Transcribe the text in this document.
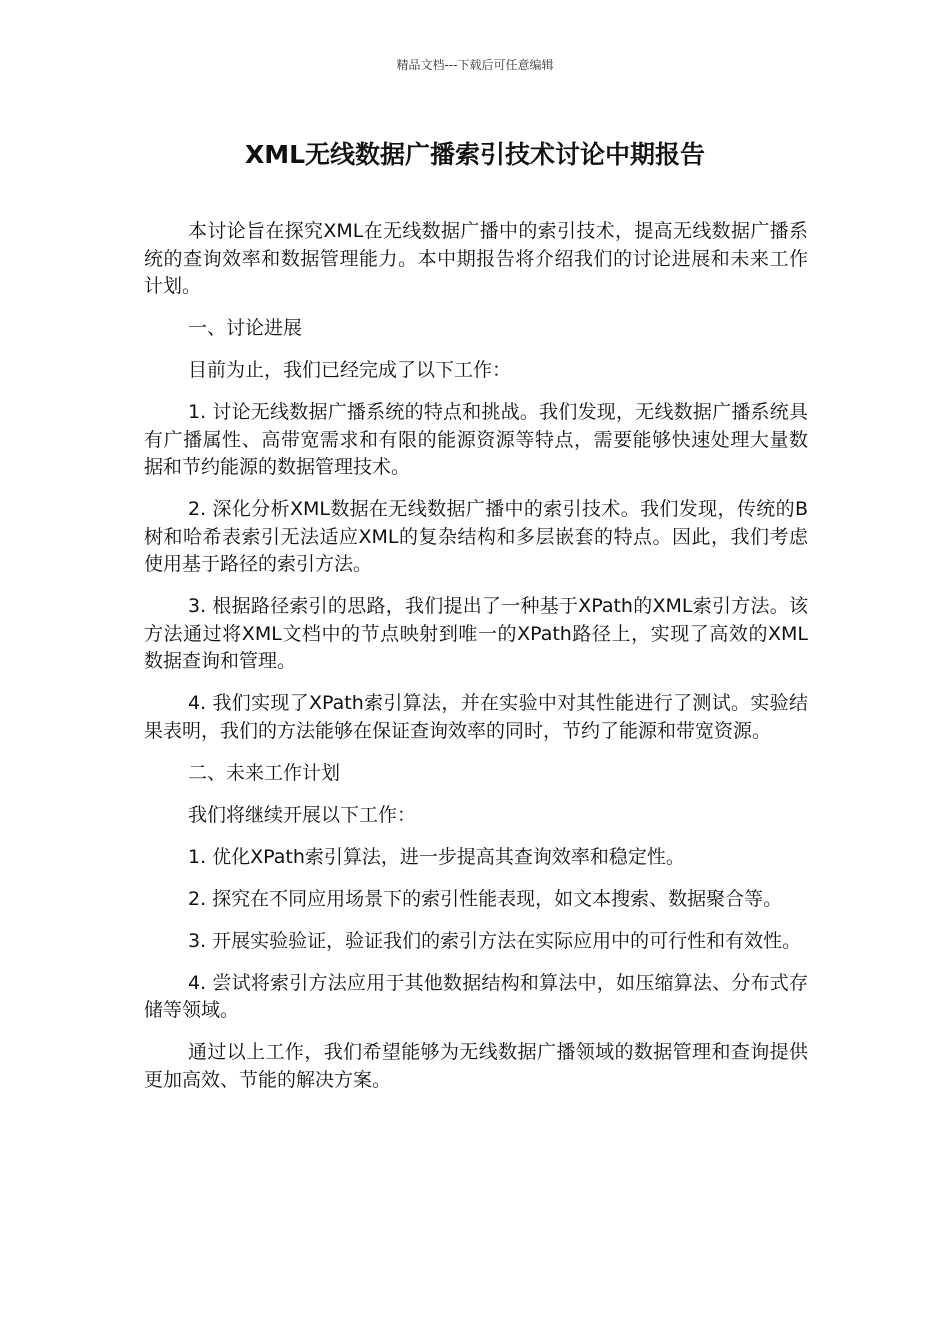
精品文档---下载后可任意编辑
XML无线数据广播索引技术讨论中期报告

本讨论旨在探究XML在无线数据广播中的索引技术，提高无线数据广播系统的查询效率和数据管理能力。本中期报告将介绍我们的讨论进展和未来工作计划。

一、讨论进展

目前为止，我们已经完成了以下工作：

1. 讨论无线数据广播系统的特点和挑战。我们发现，无线数据广播系统具有广播属性、高带宽需求和有限的能源资源等特点，需要能够快速处理大量数据和节约能源的数据管理技术。

2. 深化分析XML数据在无线数据广播中的索引技术。我们发现，传统的B树和哈希表索引无法适应XML的复杂结构和多层嵌套的特点。因此，我们考虑使用基于路径的索引方法。

3. 根据路径索引的思路，我们提出了一种基于XPath的XML索引方法。该方法通过将XML文档中的节点映射到唯一的XPath路径上，实现了高效的XML数据查询和管理。

4. 我们实现了XPath索引算法，并在实验中对其性能进行了测试。实验结果表明，我们的方法能够在保证查询效率的同时，节约了能源和带宽资源。

二、未来工作计划

我们将继续开展以下工作：

1. 优化XPath索引算法，进一步提高其查询效率和稳定性。

2. 探究在不同应用场景下的索引性能表现，如文本搜索、数据聚合等。

3. 开展实验验证，验证我们的索引方法在实际应用中的可行性和有效性。

4. 尝试将索引方法应用于其他数据结构和算法中，如压缩算法、分布式存储等领域。

通过以上工作，我们希望能够为无线数据广播领域的数据管理和查询提供更加高效、节能的解决方案。
